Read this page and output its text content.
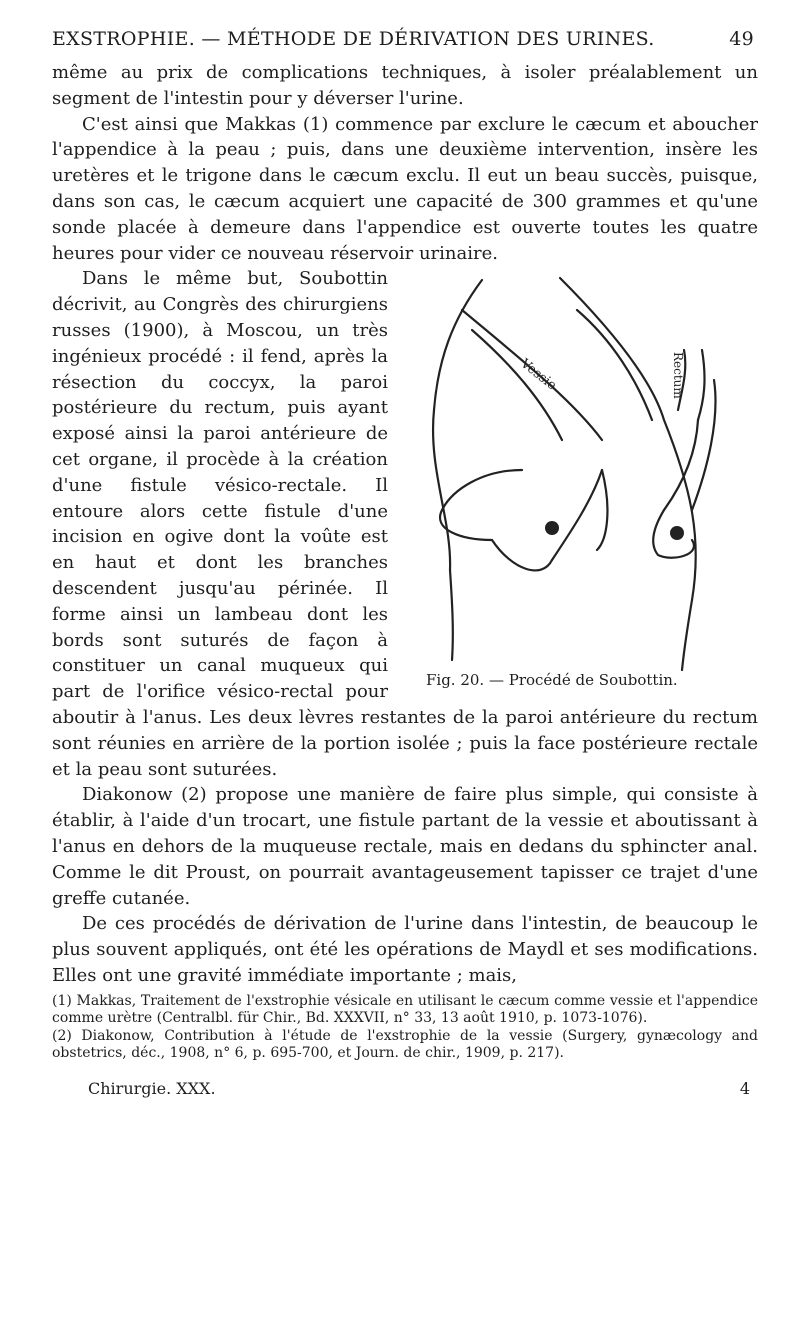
EXSTROPHIE. — MÉTHODE DE DÉRIVATION DES URINES.	49

même au prix de complications techniques, à isoler préalablement un segment de l'intestin pour y déverser l'urine.

C'est ainsi que Makkas (1) commence par exclure le cæcum et aboucher l'appendice à la peau ; puis, dans une deuxième intervention, insère les uretères et le trigone dans le cæcum exclu. Il eut un beau succès, puisque, dans son cas, le cæcum acquiert une capacité de 300 grammes et qu'une sonde placée à demeure dans l'appendice est ouverte toutes les quatre heures pour vider ce nouveau réservoir urinaire.

Vessie	Rectum
Fig. 20. — Procédé de Soubottin.

Dans le même but, Soubottin décrivit, au Congrès des chirurgiens russes (1900), à Moscou, un très ingénieux procédé : il fend, après la résection du coccyx, la paroi postérieure du rectum, puis ayant exposé ainsi la paroi antérieure de cet organe, il procède à la création d'une fistule vésico-rectale. Il entoure alors cette fistule d'une incision en ogive dont la voûte est en haut et dont les branches descendent jusqu'au périnée. Il forme ainsi un lambeau dont les bords sont suturés de façon à constituer un canal muqueux qui part de l'orifice vésico-rectal pour aboutir à l'anus. Les deux lèvres restantes de la paroi antérieure du rectum sont réunies en arrière de la portion isolée ; puis la face postérieure rectale et la peau sont suturées.

Diakonow (2) propose une manière de faire plus simple, qui consiste à établir, à l'aide d'un trocart, une fistule partant de la vessie et aboutissant à l'anus en dehors de la muqueuse rectale, mais en dedans du sphincter anal. Comme le dit Proust, on pourrait avantageusement tapisser ce trajet d'une greffe cutanée.

De ces procédés de dérivation de l'urine dans l'intestin, de beaucoup le plus souvent appliqués, ont été les opérations de Maydl et ses modifications. Elles ont une gravité immédiate importante ; mais,

(1) Makkas, Traitement de l'exstrophie vésicale en utilisant le cæcum comme vessie et l'appendice comme urètre (Centralbl. für Chir., Bd. XXXVII, n° 33, 13 août 1910, p. 1073-1076).

(2) Diakonow, Contribution à l'étude de l'exstrophie de la vessie (Surgery, gynæcology and obstetrics, déc., 1908, n° 6, p. 695-700, et Journ. de chir., 1909, p. 217).

Chirurgie. XXX.	4
